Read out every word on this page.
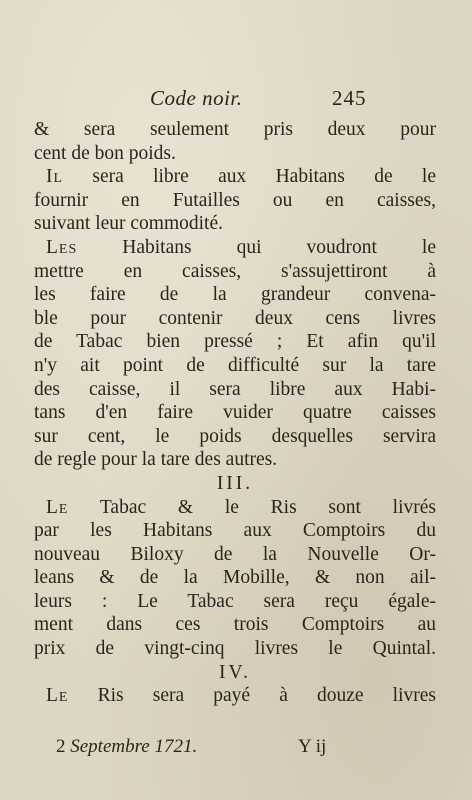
Code noir.	245
& sera seulement pris deux pour
cent de bon poids.
Il sera libre aux Habitans de le
fournir en Futailles ou en caisses,
suivant leur commodité.
Les Habitans qui voudront le
mettre en caisses, s'assujettiront à
les faire de la grandeur convena-
ble pour contenir deux cens livres
de Tabac bien pressé ; Et afin qu'il
n'y ait point de difficulté sur la tare
des caisse, il sera libre aux Habi-
tans d'en faire vuider quatre caisses
sur cent, le poids desquelles servira
de regle pour la tare des autres.
III.
Le Tabac & le Ris sont livrés
par les Habitans aux Comptoirs du
nouveau Biloxy de la Nouvelle Or-
leans & de la Mobille, & non ail-
leurs : Le Tabac sera reçu égale-
ment dans ces trois Comptoirs au
prix de vingt-cinq livres le Quintal.
IV.
Le Ris sera payé à douze livres
2 Septembre 1721.	Y ij
